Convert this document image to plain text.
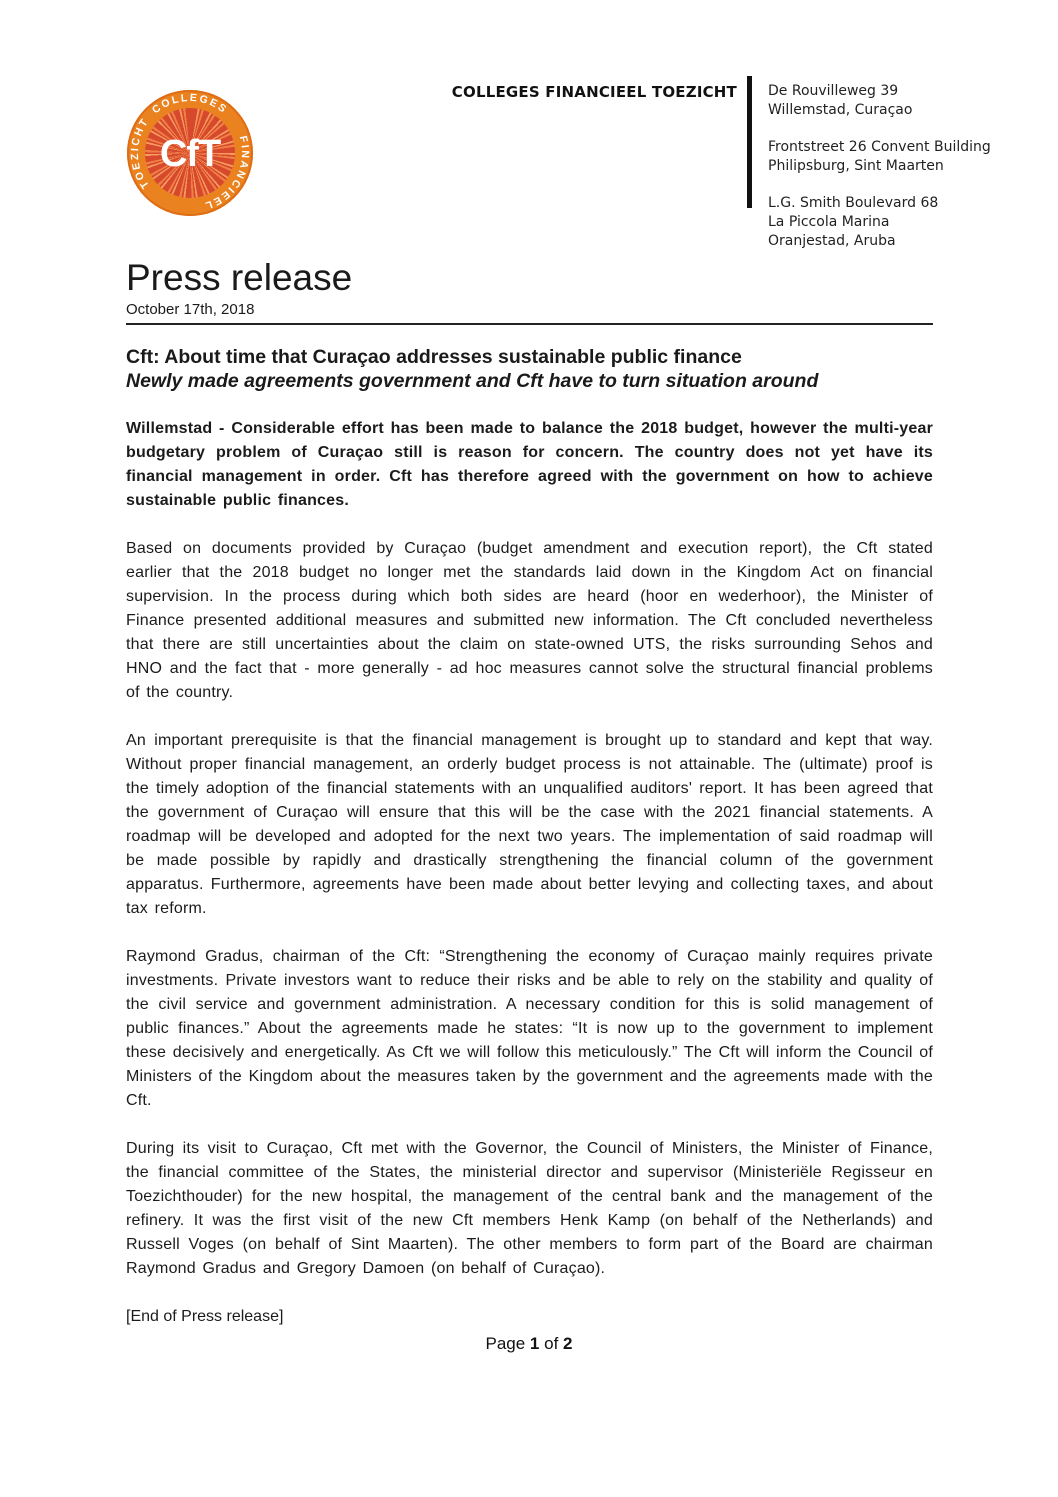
TOEZICHT
COLLEGES
FINANCIEEL
CfT
COLLEGES FINANCIEEL TOEZICHT De Rouvilleweg 39
Willemstad, Curaçao
Frontstreet 26 Convent Building
Philipsburg, Sint Maarten
L.G. Smith Boulevard 68
La Piccola Marina
Oranjestad, Aruba
Press release
October 17th, 2018
Cft: About time that Curaçao addresses sustainable public finance
Newly made agreements government and Cft have to turn situation around

Willemstad - Considerable effort has been made to balance the 2018 budget, however the multi-year budgetary problem of Curaçao still is reason for concern. The country does not yet have its financial management in order. Cft has therefore agreed with the government on how to achieve sustainable public finances.

Based on documents provided by Curaçao (budget amendment and execution report), the Cft stated earlier that the 2018 budget no longer met the standards laid down in the Kingdom Act on financial supervision. In the process during which both sides are heard (hoor en wederhoor), the Minister of Finance presented additional measures and submitted new information. The Cft concluded nevertheless that there are still uncertainties about the claim on state-owned UTS, the risks surrounding Sehos and HNO and the fact that - more generally - ad hoc measures cannot solve the structural financial problems of the country.

An important prerequisite is that the financial management is brought up to standard and kept that way. Without proper financial management, an orderly budget process is not attainable. The (ultimate) proof is the timely adoption of the financial statements with an unqualified auditors' report. It has been agreed that the government of Curaçao will ensure that this will be the case with the 2021 financial statements. A roadmap will be developed and adopted for the next two years. The implementation of said roadmap will be made possible by rapidly and drastically strengthening the financial column of the government apparatus. Furthermore, agreements have been made about better levying and collecting taxes, and about tax reform.

Raymond Gradus, chairman of the Cft: “Strengthening the economy of Curaçao mainly requires private investments. Private investors want to reduce their risks and be able to rely on the stability and quality of the civil service and government administration. A necessary condition for this is solid management of public finances.” About the agreements made he states: “It is now up to the government to implement these decisively and energetically. As Cft we will follow this meticulously.” The Cft will inform the Council of Ministers of the Kingdom about the measures taken by the government and the agreements made with the Cft.

During its visit to Curaçao, Cft met with the Governor, the Council of Ministers, the Minister of Finance, the financial committee of the States, the ministerial director and supervisor (Ministeriële Regisseur en Toezichthouder) for the new hospital, the management of the central bank and the management of the refinery. It was the first visit of the new Cft members Henk Kamp (on behalf of the Netherlands) and Russell Voges (on behalf of Sint Maarten). The other members to form part of the Board are chairman Raymond Gradus and Gregory Damoen (on behalf of Curaçao).

[End of Press release]

Page 1 of 2
